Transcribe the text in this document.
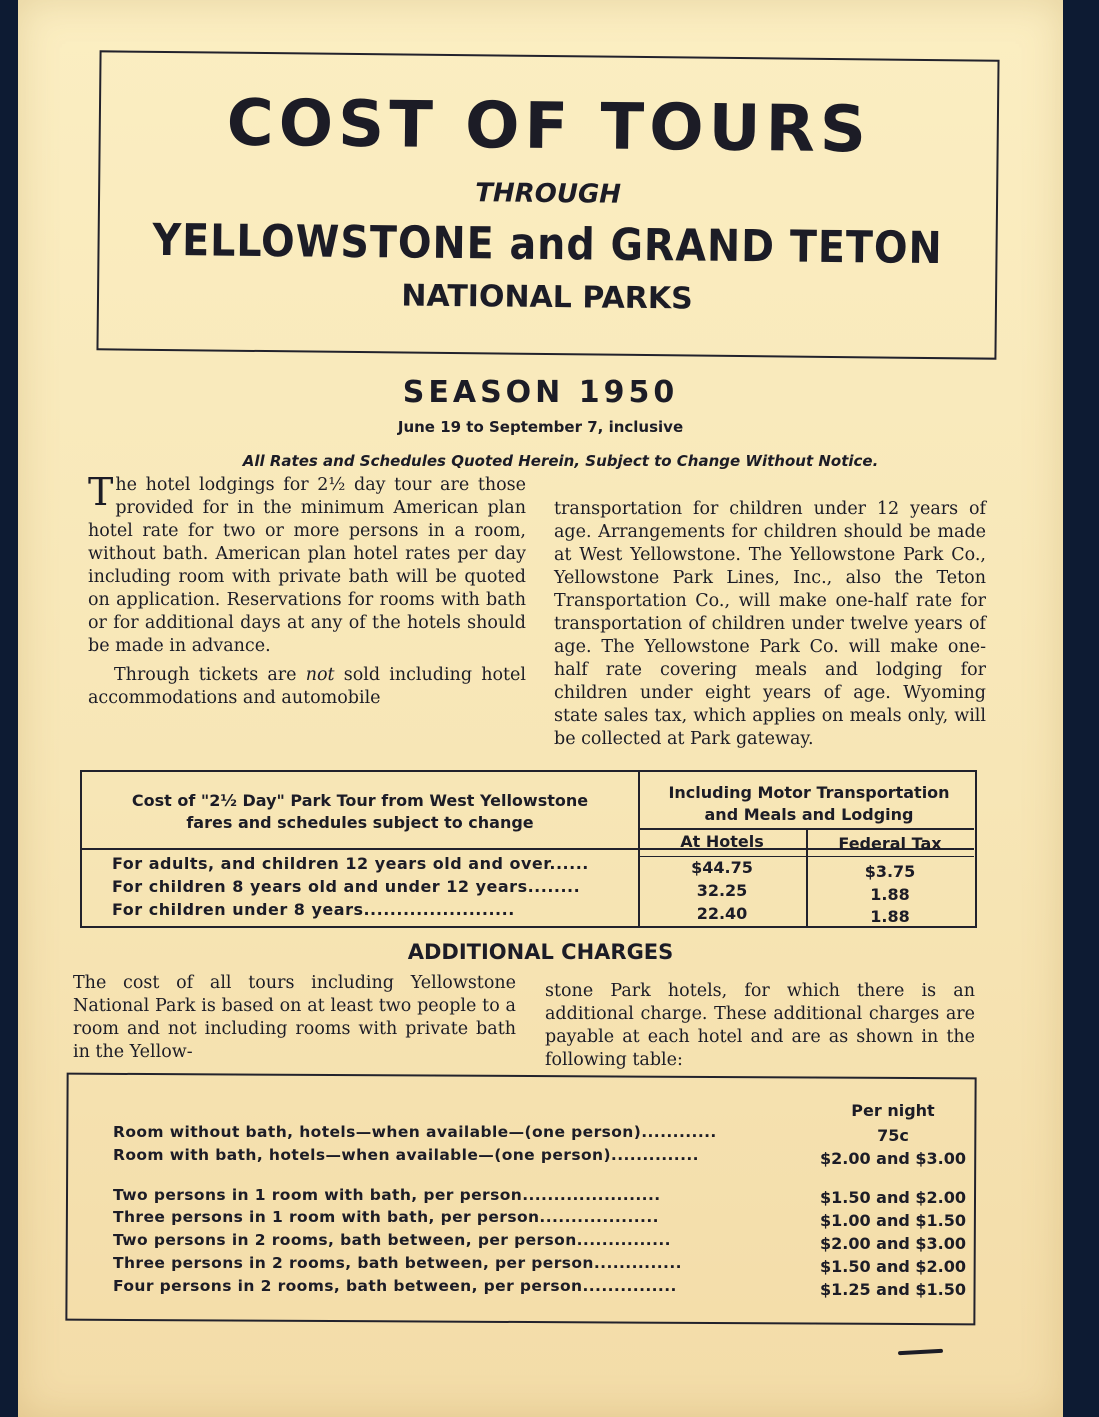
COST OF TOURS
THROUGH
YELLOWSTONE and GRAND TETON
NATIONAL PARKS
SEASON 1950
June 19 to September 7, inclusive
All Rates and Schedules Quoted Herein, Subject to Change Without Notice.

The hotel lodgings for 2½ day tour are those provided for in the minimum American plan hotel rate for two or more persons in a room, without bath. American plan hotel rates per day including room with private bath will be quoted on application. Reservations for rooms with bath or for additional days at any of the hotels should be made in advance.

Through tickets are not sold including hotel accommodations and automobile

transportation for children under 12 years of age. Arrangements for children should be made at West Yellowstone. The Yellowstone Park Co., Yellowstone Park Lines, Inc., also the Teton Transportation Co., will make one-half rate for transportation of children under twelve years of age. The Yellowstone Park Co. will make one-half rate covering meals and lodging for children under eight years of age. Wyoming state sales tax, which applies on meals only, will be collected at Park gateway.

Cost of "2½ Day" Park Tour from West Yellowstone
fares and schedules subject to change
Including Motor Transportation
and Meals and Lodging
At Hotels	Federal Tax
For adults, and children 12 years old and over......	$44.75	$3.75
For children 8 years old and under 12 years........	32.25	1.88
For children under 8 years.......................	22.40	1.88
ADDITIONAL CHARGES

The cost of all tours including Yellowstone National Park is based on at least two people to a room and not including rooms with private bath in the Yellow-

stone Park hotels, for which there is an additional charge. These additional charges are payable at each hotel and are as shown in the following table:

Per night
Room without bath, hotels—when available—(one person)............	75c
Room with bath, hotels—when available—(one person)..............	$2.00 and $3.00
Two persons in 1 room with bath, per person......................	$1.50 and $2.00
Three persons in 1 room with bath, per person...................	$1.00 and $1.50
Two persons in 2 rooms, bath between, per person...............	$2.00 and $3.00
Three persons in 2 rooms, bath between, per person..............	$1.50 and $2.00
Four persons in 2 rooms, bath between, per person...............	$1.25 and $1.50
